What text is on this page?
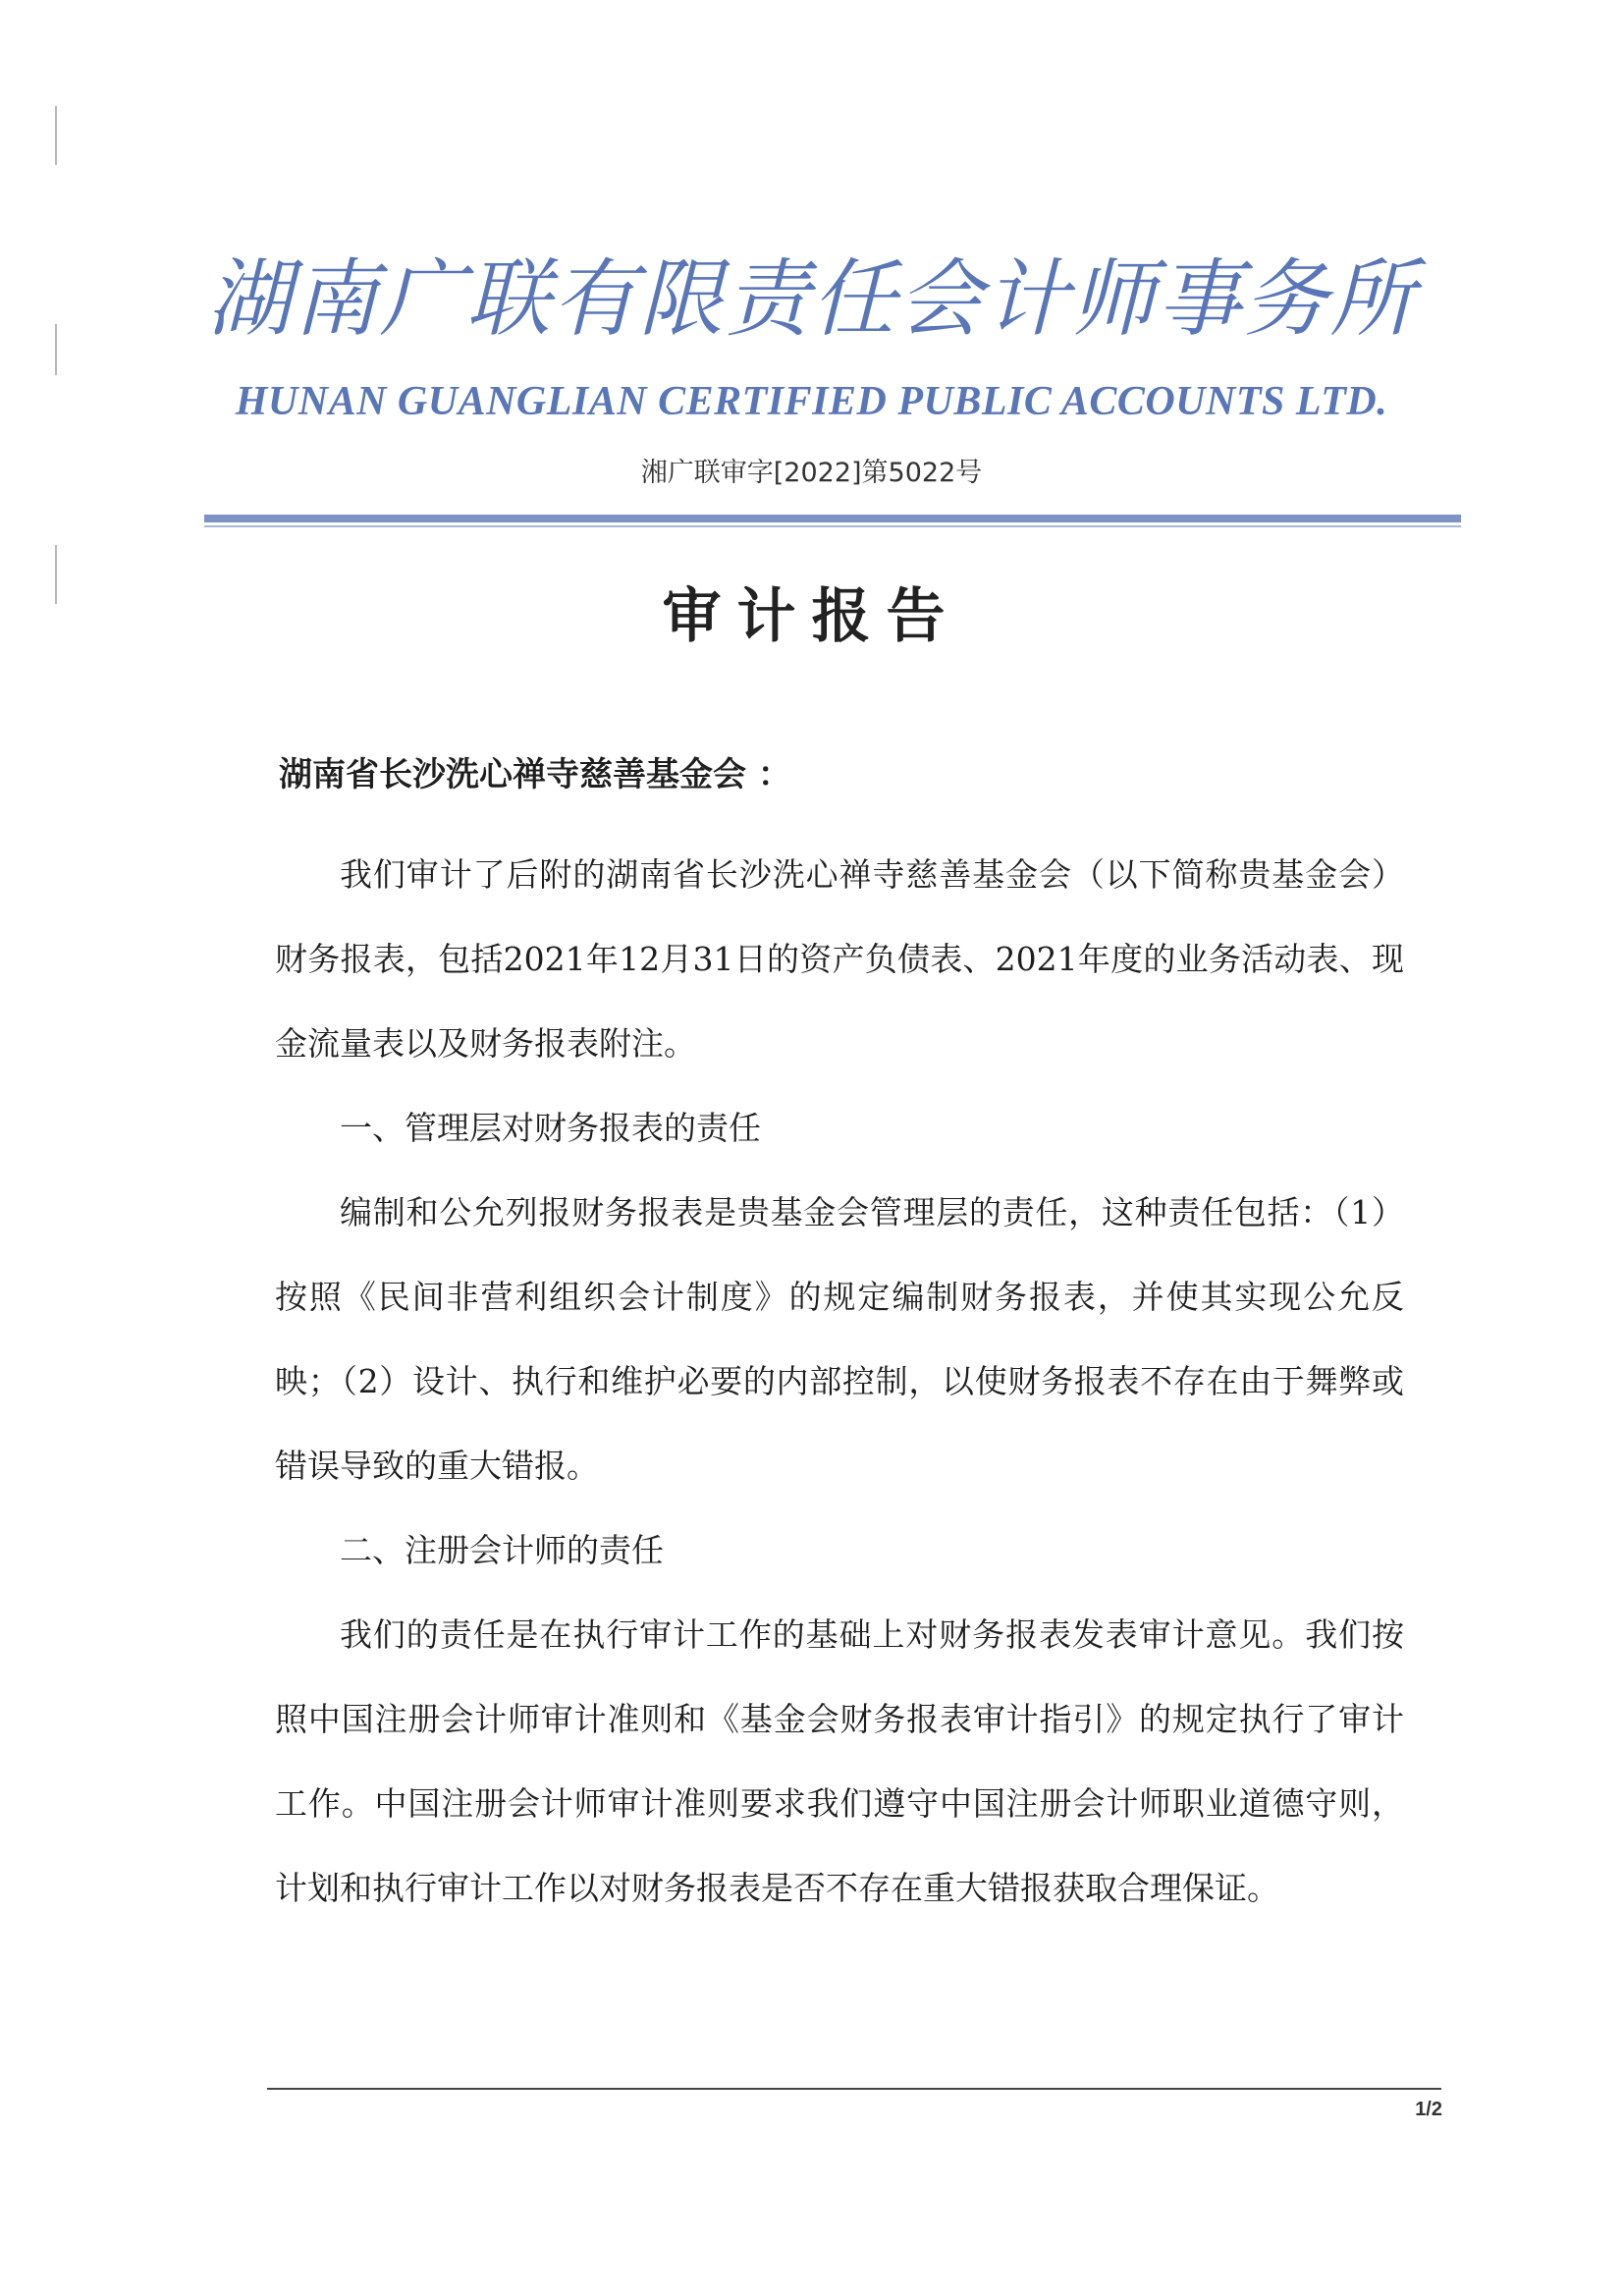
湖南广联有限责任会计师事务所
HUNAN GUANGLIAN CERTIFIED PUBLIC ACCOUNTS LTD.
湘广联审字[2022]第5022号
审计报告
湖南省长沙洗心禅寺慈善基金会 ：

我们审计了后附的湖南省长沙洗心禅寺慈善基金会（以下简称贵基金会）财务报表，包括2021年12月31日的资产负债表、2021年度的业务活动表、现金流量表以及财务报表附注。

一、管理层对财务报表的责任

编制和公允列报财务报表是贵基金会管理层的责任，这种责任包括：（1）按照《民间非营利组织会计制度》的规定编制财务报表，并使其实现公允反映；（2）设计、执行和维护必要的内部控制，以使财务报表不存在由于舞弊或错误导致的重大错报。

二、注册会计师的责任

我们的责任是在执行审计工作的基础上对财务报表发表审计意见。我们按照中国注册会计师审计准则和《基金会财务报表审计指引》的规定执行了审计工作。中国注册会计师审计准则要求我们遵守中国注册会计师职业道德守则，计划和执行审计工作以对财务报表是否不存在重大错报获取合理保证。

1/2
